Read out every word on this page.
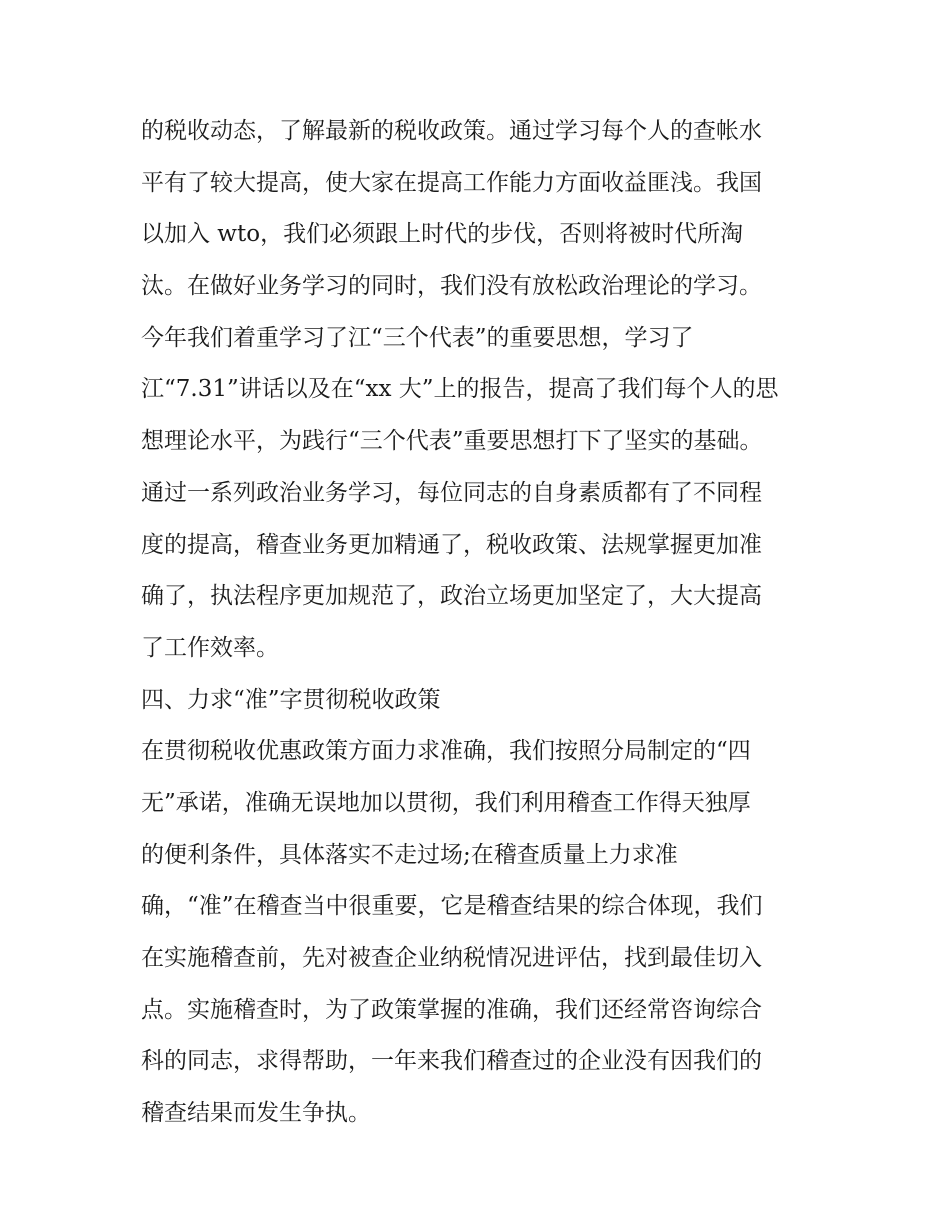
的税收动态，了解最新的税收政策。通过学习每个人的查帐水
平有了较大提高，使大家在提高工作能力方面收益匪浅。我国
以加入 wto，我们必须跟上时代的步伐，否则将被时代所淘
汰。在做好业务学习的同时，我们没有放松政治理论的学习。
今年我们着重学习了江“三个代表”的重要思想，学习了
江“7.31”讲话以及在“xx 大”上的报告，提高了我们每个人的思
想理论水平，为践行“三个代表”重要思想打下了坚实的基础。
通过一系列政治业务学习，每位同志的自身素质都有了不同程
度的提高，稽查业务更加精通了，税收政策、法规掌握更加准
确了，执法程序更加规范了，政治立场更加坚定了，大大提高
了工作效率。
四、力求“准”字贯彻税收政策
在贯彻税收优惠政策方面力求准确，我们按照分局制定的“四
无”承诺，准确无误地加以贯彻，我们利用稽查工作得天独厚
的便利条件，具体落实不走过场;在稽查质量上力求准
确，“准”在稽查当中很重要，它是稽查结果的综合体现，我们
在实施稽查前，先对被查企业纳税情况进评估，找到最佳切入
点。实施稽查时，为了政策掌握的准确，我们还经常咨询综合
科的同志，求得帮助，一年来我们稽查过的企业没有因我们的
稽查结果而发生争执。
